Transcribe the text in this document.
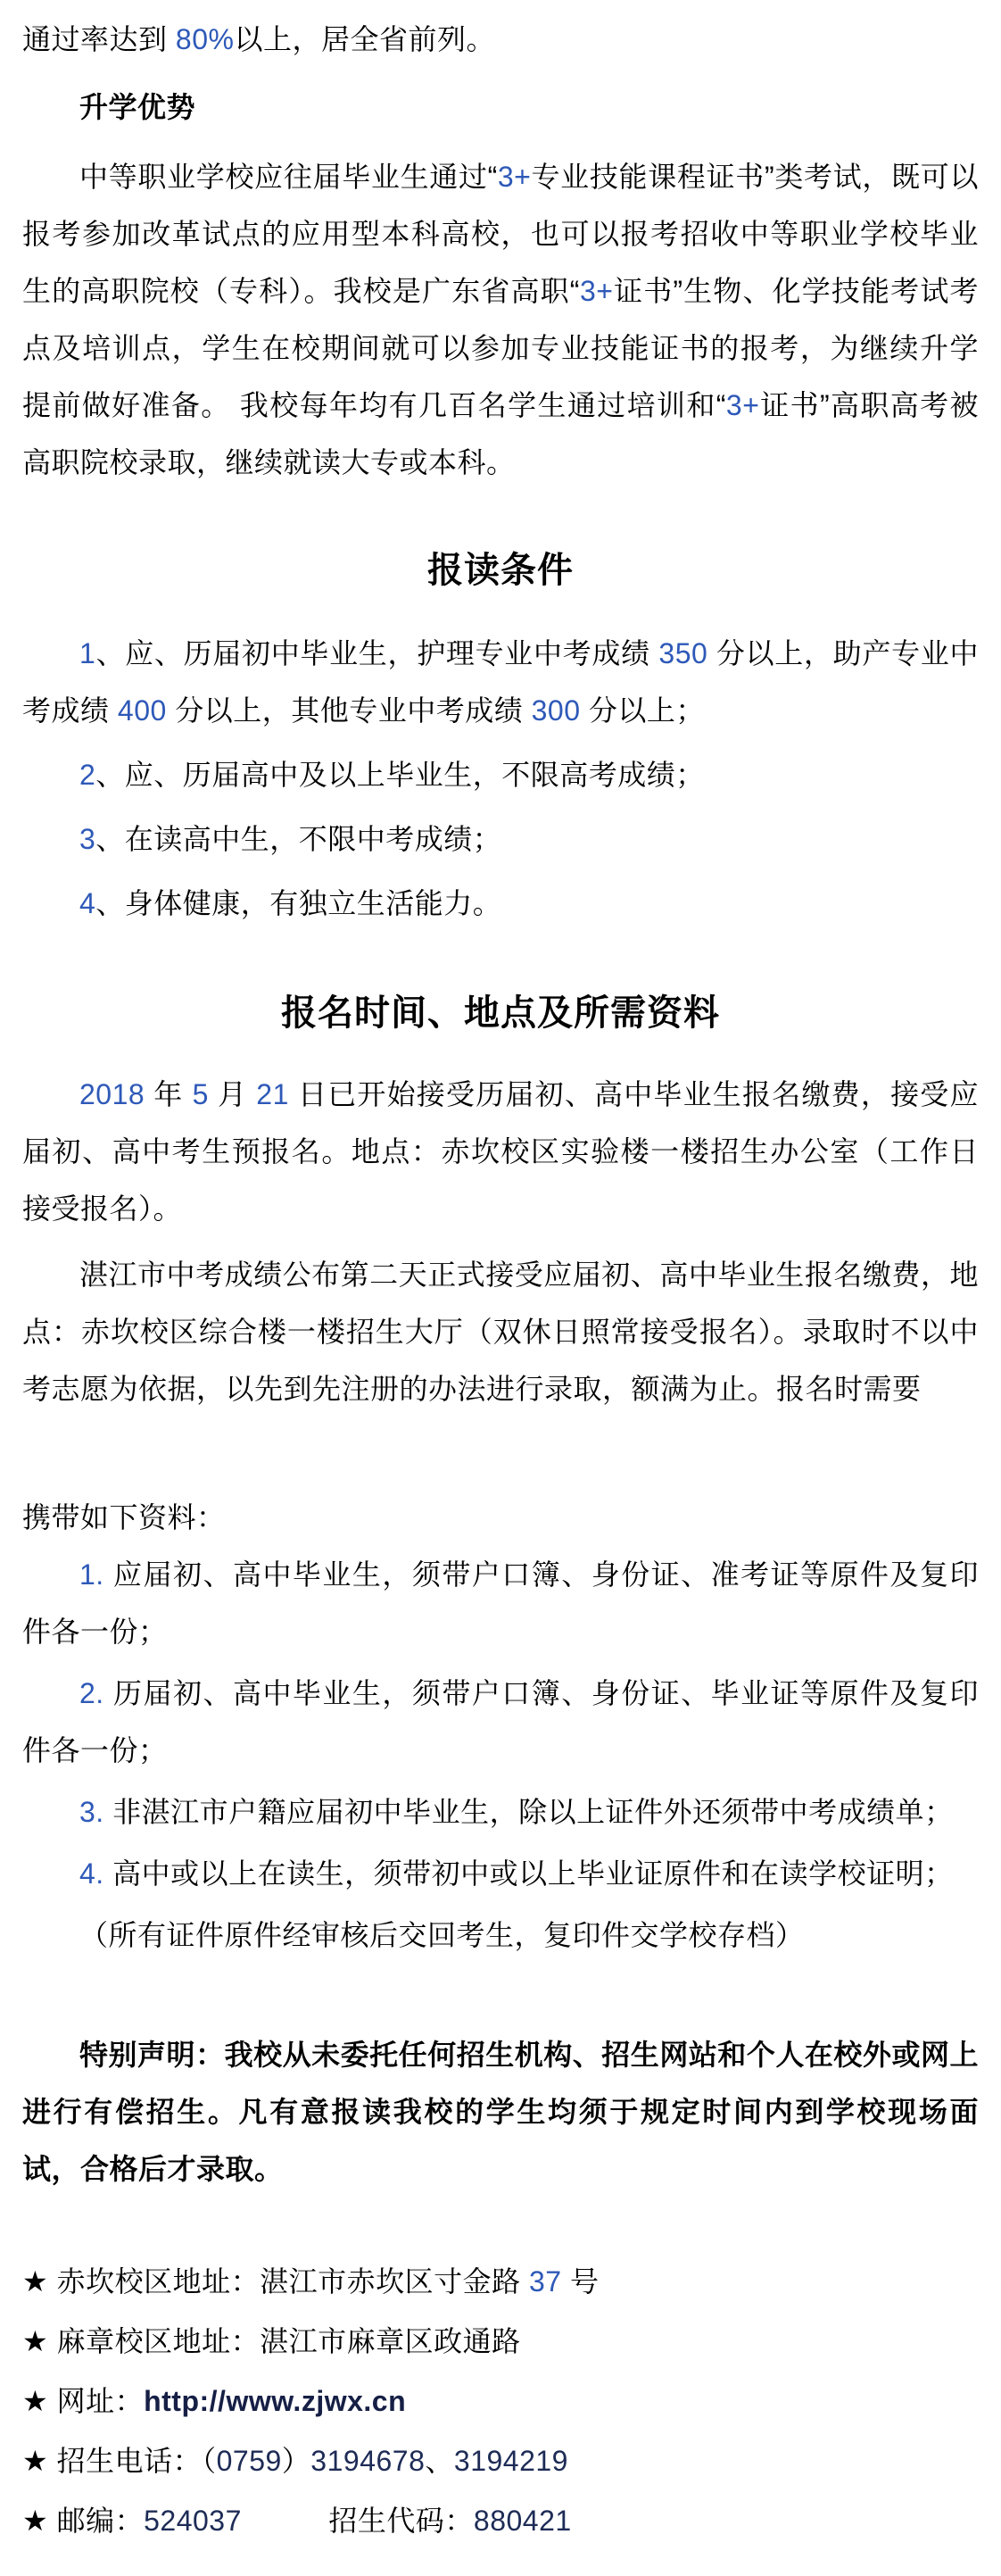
通过率达到 80%以上，居全省前列。

升学优势

中等职业学校应往届毕业生通过“3+专业技能课程证书”类考试，既可以报考参加改革试点的应用型本科高校，也可以报考招收中等职业学校毕业生的高职院校（专科）。我校是广东省高职“3+证书”生物、化学技能考试考点及培训点，学生在校期间就可以参加专业技能证书的报考，为继续升学提前做好准备。 我校每年均有几百名学生通过培训和“3+证书”高职高考被高职院校录取，继续就读大专或本科。

报读条件

1、应、历届初中毕业生，护理专业中考成绩 350 分以上，助产专业中考成绩 400 分以上，其他专业中考成绩 300 分以上；

2、应、历届高中及以上毕业生，不限高考成绩；

3、在读高中生，不限中考成绩；

4、身体健康，有独立生活能力。

报名时间、地点及所需资料

2018 年 5 月 21 日已开始接受历届初、高中毕业生报名缴费，接受应届初、高中考生预报名。地点：赤坎校区实验楼一楼招生办公室（工作日接受报名）。

湛江市中考成绩公布第二天正式接受应届初、高中毕业生报名缴费，地点：赤坎校区综合楼一楼招生大厅（双休日照常接受报名）。录取时不以中考志愿为依据，以先到先注册的办法进行录取，额满为止。报名时需要

携带如下资料：

1. 应届初、高中毕业生，须带户口簿、身份证、准考证等原件及复印件各一份；

2. 历届初、高中毕业生，须带户口簿、身份证、毕业证等原件及复印件各一份；

3. 非湛江市户籍应届初中毕业生，除以上证件外还须带中考成绩单；

4. 高中或以上在读生，须带初中或以上毕业证原件和在读学校证明；

（所有证件原件经审核后交回考生，复印件交学校存档）

特别声明：我校从未委托任何招生机构、招生网站和个人在校外或网上进行有偿招生。凡有意报读我校的学生均须于规定时间内到学校现场面试，合格后才录取。

★ 赤坎校区地址：湛江市赤坎区寸金路 37 号

★ 麻章校区地址：湛江市麻章区政通路

★ 网址：http://www.zjwx.cn

★ 招生电话：（0759）3194678、3194219

★ 邮编：524037　　　招生代码：880421
